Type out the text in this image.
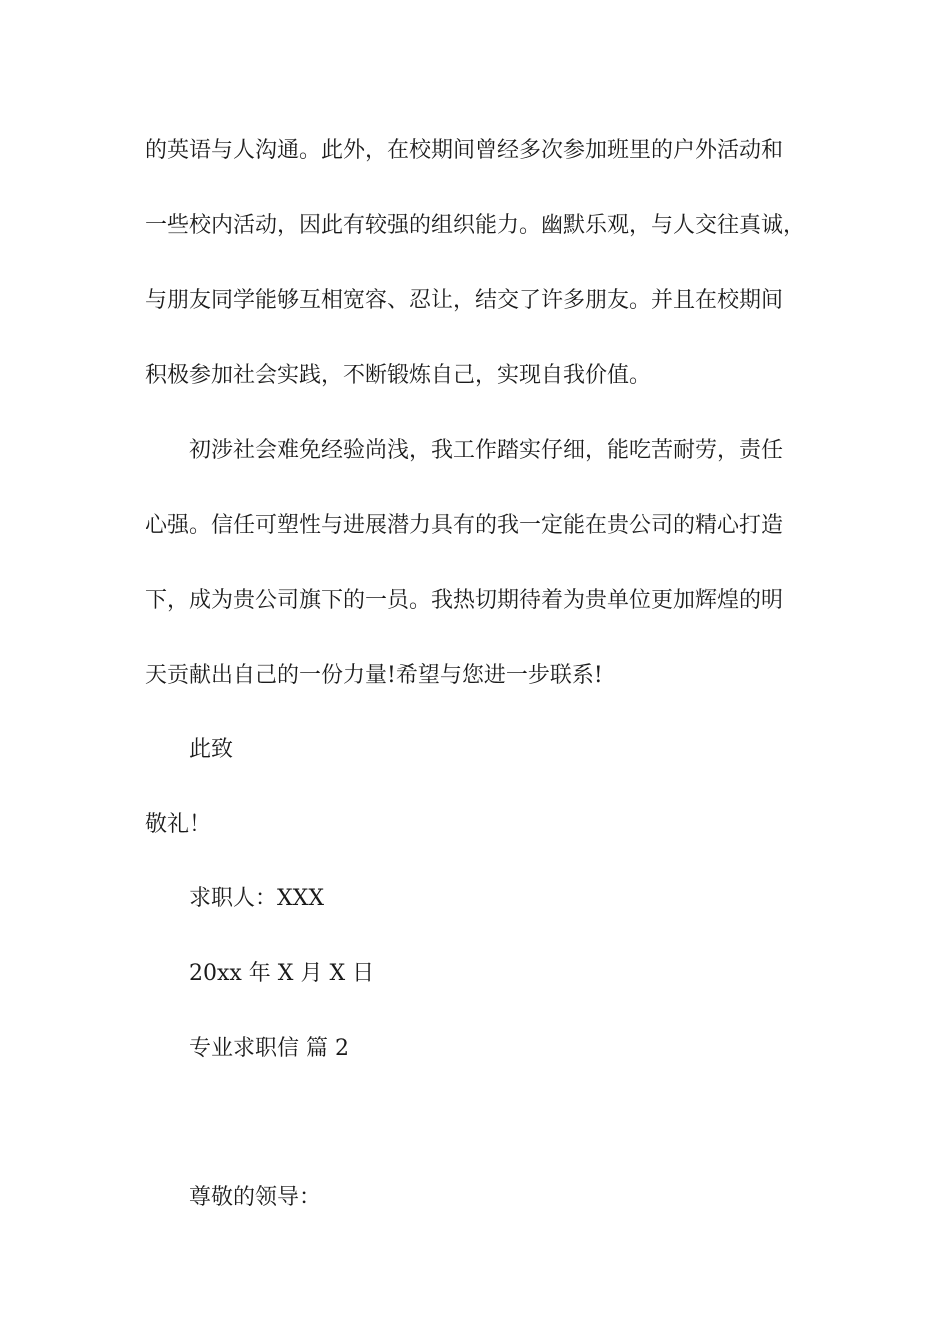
的英语与人沟通。此外，在校期间曾经多次参加班里的户外活动和
一些校内活动，因此有较强的组织能力。幽默乐观，与人交往真诚，
与朋友同学能够互相宽容、忍让，结交了许多朋友。并且在校期间
积极参加社会实践，不断锻炼自己，实现自我价值。
初涉社会难免经验尚浅，我工作踏实仔细，能吃苦耐劳，责任
心强。信任可塑性与进展潜力具有的我一定能在贵公司的精心打造
下，成为贵公司旗下的一员。我热切期待着为贵单位更加辉煌的明
天贡献出自己的一份力量!希望与您进一步联系!
此致
敬礼！
求职人：XXX
20xx 年 X 月 X 日
专业求职信 篇 2
尊敬的领导：
